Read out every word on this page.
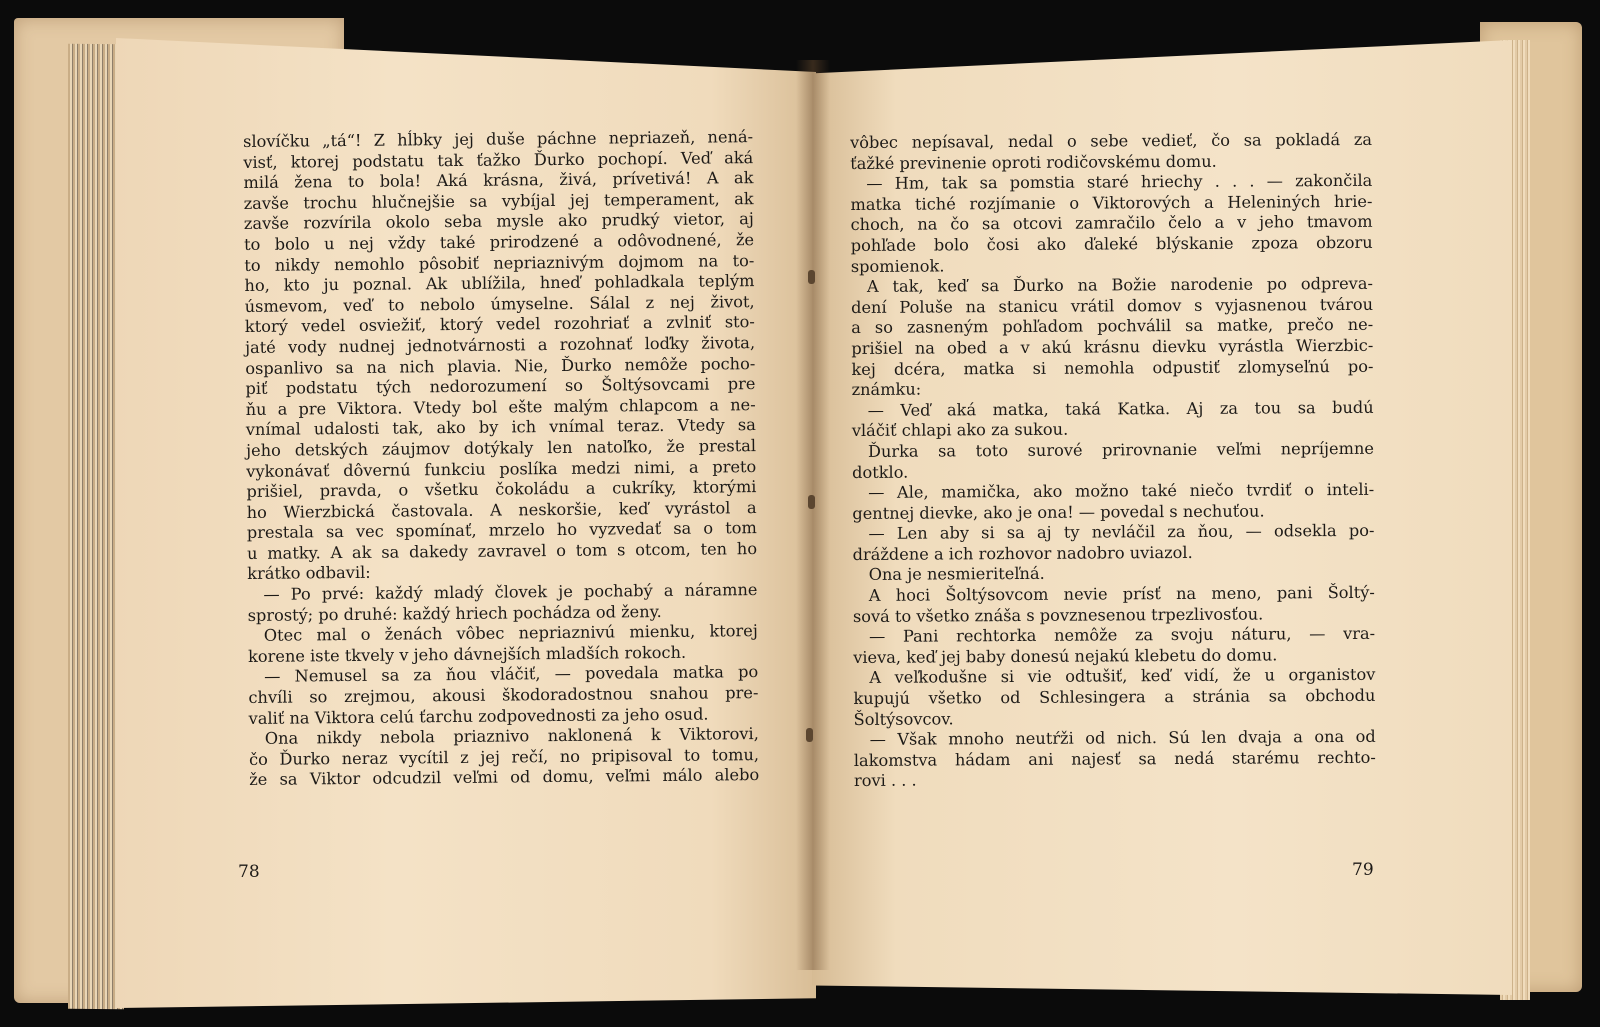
slovíčku „tá“! Z hĺbky jej duše páchne nepriazeň, nená-
visť, ktorej podstatu tak ťažko Ďurko pochopí. Veď aká
milá žena to bola! Aká krásna, živá, prívetivá! A ak
zavše trochu hlučnejšie sa vybíjal jej temperament, ak
zavše rozvírila okolo seba mysle ako prudký vietor, aj
to bolo u nej vždy také prirodzené a odôvodnené, že
to nikdy nemohlo pôsobiť nepriaznivým dojmom na to-
ho, kto ju poznal. Ak ublížila, hneď pohladkala teplým
úsmevom, veď to nebolo úmyselne. Sálal z nej život,
ktorý vedel osviežiť, ktorý vedel rozohriať a zvlniť sto-
jaté vody nudnej jednotvárnosti a rozohnať loďky života,
ospanlivo sa na nich plavia. Nie, Ďurko nemôže pocho-
piť podstatu tých nedorozumení so Šoltýsovcami pre
ňu a pre Viktora. Vtedy bol ešte malým chlapcom a ne-
vnímal udalosti tak, ako by ich vnímal teraz. Vtedy sa
jeho detských záujmov dotýkaly len natoľko, že prestal
vykonávať dôvernú funkciu poslíka medzi nimi, a preto
prišiel, pravda, o všetku čokoládu a cukríky, ktorými
ho Wierzbická častovala. A neskoršie, keď vyrástol a
prestala sa vec spomínať, mrzelo ho vyzvedať sa o tom
u matky. A ak sa dakedy zavravel o tom s otcom, ten ho
krátko odbavil:
— Po prvé: každý mladý človek je pochabý a náramne
sprostý; po druhé: každý hriech pochádza od ženy.
Otec mal o ženách vôbec nepriaznivú mienku, ktorej
korene iste tkvely v jeho dávnejších mladších rokoch.
— Nemusel sa za ňou vláčiť, — povedala matka po
chvíli so zrejmou, akousi škodoradostnou snahou pre-
valiť na Viktora celú ťarchu zodpovednosti za jeho osud.
Ona nikdy nebola priaznivo naklonená k Viktorovi,
čo Ďurko neraz vycítil z jej rečí, no pripisoval to tomu,
že sa Viktor odcudzil veľmi od domu, veľmi málo alebo
vôbec nepísaval, nedal o sebe vedieť, čo sa pokladá za
ťažké previnenie oproti rodičovskému domu.
— Hm, tak sa pomstia staré hriechy . . . — zakončila
matka tiché rozjímanie o Viktorových a Heleniných hrie-
choch, na čo sa otcovi zamračilo čelo a v jeho tmavom
pohľade bolo čosi ako ďaleké blýskanie zpoza obzoru
spomienok.
A tak, keď sa Ďurko na Božie narodenie po odpreva-
dení Poluše na stanicu vrátil domov s vyjasnenou tvárou
a so zasneným pohľadom pochválil sa matke, prečo ne-
prišiel na obed a v akú krásnu dievku vyrástla Wierzbic-
kej dcéra, matka si nemohla odpustiť zlomyseľnú po-
známku:
— Veď aká matka, taká Katka. Aj za tou sa budú
vláčiť chlapi ako za sukou.
Ďurka sa toto surové prirovnanie veľmi nepríjemne
dotklo.
— Ale, mamička, ako možno také niečo tvrdiť o inteli-
gentnej dievke, ako je ona! — povedal s nechuťou.
— Len aby si sa aj ty nevláčil za ňou, — odsekla po-
dráždene a ich rozhovor nadobro uviazol.
Ona je nesmieriteľná.
A hoci Šoltýsovcom nevie prísť na meno, pani Šoltý-
sová to všetko znáša s povznesenou trpezlivosťou.
— Pani rechtorka nemôže za svoju náturu, — vra-
vieva, keď jej baby donesú nejakú klebetu do domu.
A veľkodušne si vie odtušiť, keď vidí, že u organistov
kupujú všetko od Schlesingera a stránia sa obchodu
Šoltýsovcov.
— Však mnoho neutŕži od nich. Sú len dvaja a ona od
lakomstva hádam ani najesť sa nedá starému rechto-
rovi . . .
78	79
